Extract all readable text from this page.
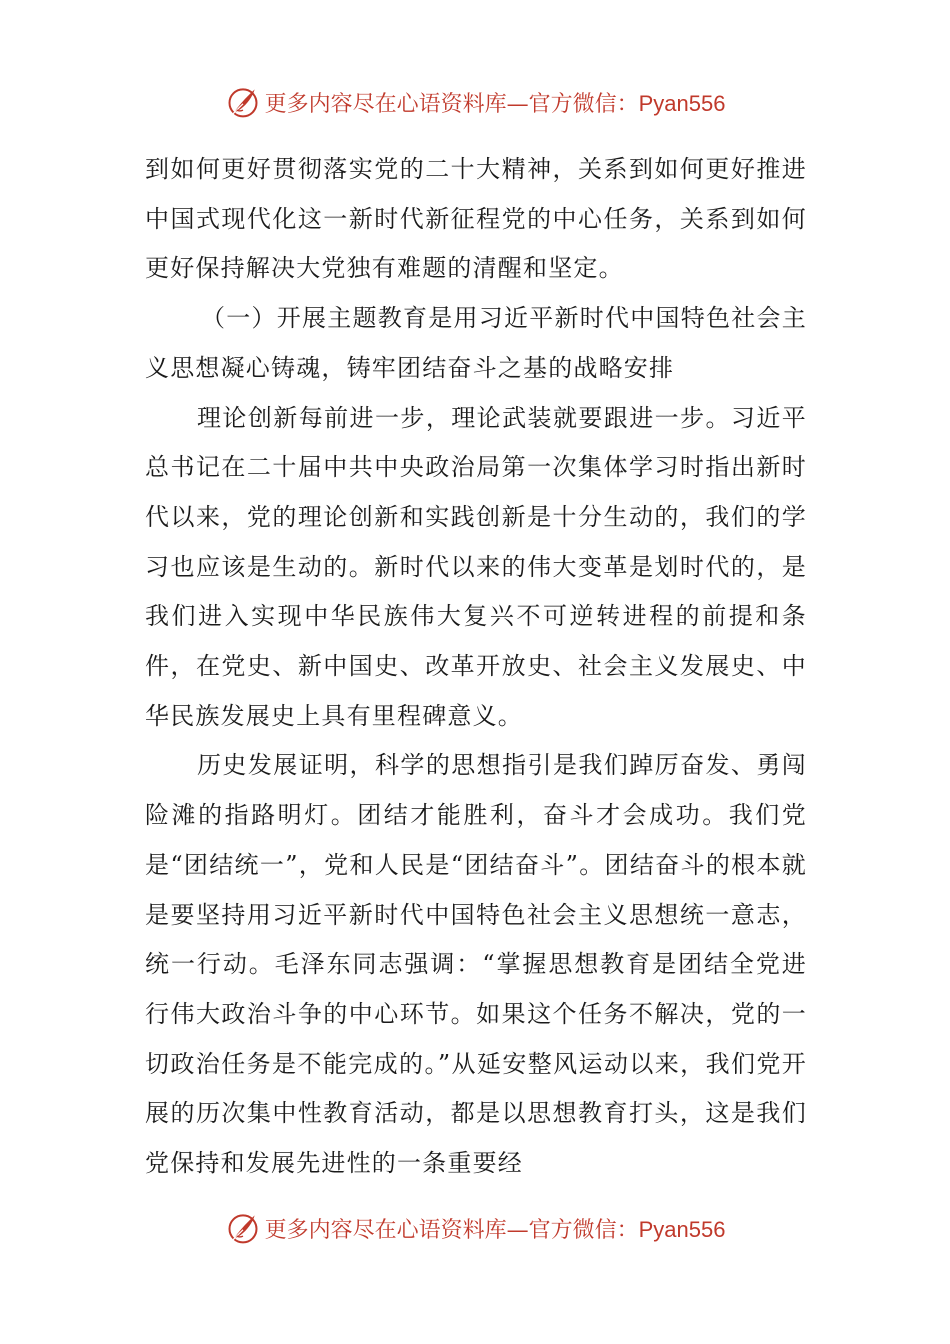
更多内容尽在心语资料库—官方微信：Pyan556

到如何更好贯彻落实党的二十大精神，关系到如何更好推进中国式现代化这一新时代新征程党的中心任务，关系到如何更好保持解决大党独有难题的清醒和坚定。

（一）开展主题教育是用习近平新时代中国特色社会主义思想凝心铸魂，铸牢团结奋斗之基的战略安排

理论创新每前进一步，理论武装就要跟进一步。习近平总书记在二十届中共中央政治局第一次集体学习时指出新时代以来，党的理论创新和实践创新是十分生动的，我们的学习也应该是生动的。新时代以来的伟大变革是划时代的，是我们进入实现中华民族伟大复兴不可逆转进程的前提和条件，在党史、新中国史、改革开放史、社会主义发展史、中华民族发展史上具有里程碑意义。

历史发展证明，科学的思想指引是我们踔厉奋发、勇闯险滩的指路明灯。团结才能胜利，奋斗才会成功。我们党是“团结统一”，党和人民是“团结奋斗”。团结奋斗的根本就是要坚持用习近平新时代中国特色社会主义思想统一意志，统一行动。毛泽东同志强调：“掌握思想教育是团结全党进行伟大政治斗争的中心环节。如果这个任务不解决，党的一切政治任务是不能完成的。”从延安整风运动以来，我们党开展的历次集中性教育活动，都是以思想教育打头，这是我们党保持和发展先进性的一条重要经

更多内容尽在心语资料库—官方微信：Pyan556
